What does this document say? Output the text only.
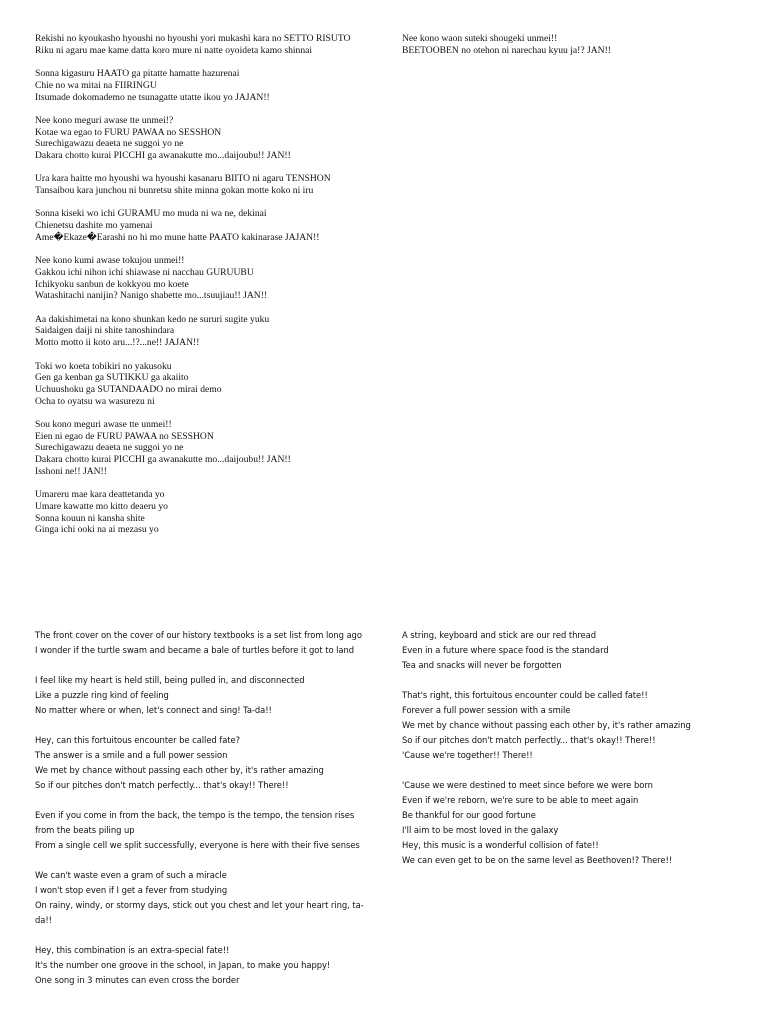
Rekishi no kyoukasho hyoushi no hyoushi yori mukashi kara no SETTO RISUTO
Riku ni agaru mae kame datta koro mure ni natte oyoideta kamo shinnai
Sonna kigasuru HAATO ga pitatte hamatte hazurenai
Chie no wa mitai na FIIRINGU
Itsumade dokomademo ne tsunagatte utatte ikou yo JAJAN!!
Nee kono meguri awase tte unmei!?
Kotae wa egao to FURU PAWAA no SESSHON
Surechigawazu deaeta ne suggoi yo ne
Dakara chotto kurai PICCHI ga awanakutte mo...daijoubu!! JAN!!
Ura kara haitte mo hyoushi wa hyoushi kasanaru BIITO ni agaru TENSHON
Tansaibou kara junchou ni bunretsu shite minna gokan motte koko ni iru
Sonna kiseki wo ichi GURAMU mo muda ni wa ne, dekinai
Chienetsu dashite mo yamenai
Ame�Ekaze�Earashi no hi mo mune hatte PAATO kakinarase JAJAN!!
Nee kono kumi awase tokujou unmei!!
Gakkou ichi nihon ichi shiawase ni nacchau GURUUBU
Ichikyoku sanbun de kokkyou mo koete
Watashitachi nanijin? Nanigo shabette mo...tsuujiau!! JAN!!
Aa dakishimetai na kono shunkan kedo ne sururi sugite yuku
Saidaigen daiji ni shite tanoshindara
Motto motto ii koto aru...!?...ne!! JAJAN!!
Toki wo koeta tobikiri no yakusoku
Gen ga kenban ga SUTIKKU ga akaiito
Uchuushoku ga SUTANDAADO no mirai demo
Ocha to oyatsu wa wasurezu ni
Sou kono meguri awase tte unmei!!
Eien ni egao de FURU PAWAA no SESSHON
Surechigawazu deaeta ne suggoi yo ne
Dakara chotto kurai PICCHI ga awanakutte mo...daijoubu!! JAN!!
Isshoni ne!! JAN!!
Umareru mae kara deattetanda yo
Umare kawatte mo kitto deaeru yo
Sonna kouun ni kansha shite
Ginga ichi ooki na ai mezasu yo
Nee kono waon suteki shougeki unmei!!
BEETOOBEN no otehon ni narechau kyuu ja!? JAN!!
The front cover on the cover of our history textbooks is a set list from long ago
I wonder if the turtle swam and became a bale of turtles before it got to land
I feel like my heart is held still, being pulled in, and disconnected
Like a puzzle ring kind of feeling
No matter where or when, let's connect and sing! Ta-da!!
Hey, can this fortuitous encounter be called fate?
The answer is a smile and a full power session
We met by chance without passing each other by, it's rather amazing
So if our pitches don't match perfectly... that's okay!! There!!
Even if you come in from the back, the tempo is the tempo, the tension rises from the beats piling up
From a single cell we split successfully, everyone is here with their five senses
We can't waste even a gram of such a miracle
I won't stop even if I get a fever from studying
On rainy, windy, or stormy days, stick out you chest and let your heart ring, ta-da!!
Hey, this combination is an extra-special fate!!
It's the number one groove in the school, in Japan, to make you happy!
One song in 3 minutes can even cross the border
A string, keyboard and stick are our red thread
Even in a future where space food is the standard
Tea and snacks will never be forgotten
That's right, this fortuitous encounter could be called fate!!
Forever a full power session with a smile
We met by chance without passing each other by, it's rather amazing
So if our pitches don't match perfectly... that's okay!! There!!
'Cause we're together!! There!!
'Cause we were destined to meet since before we were born
Even if we're reborn, we're sure to be able to meet again
Be thankful for our good fortune
I'll aim to be most loved in the galaxy
Hey, this music is a wonderful collision of fate!!
We can even get to be on the same level as Beethoven!? There!!
